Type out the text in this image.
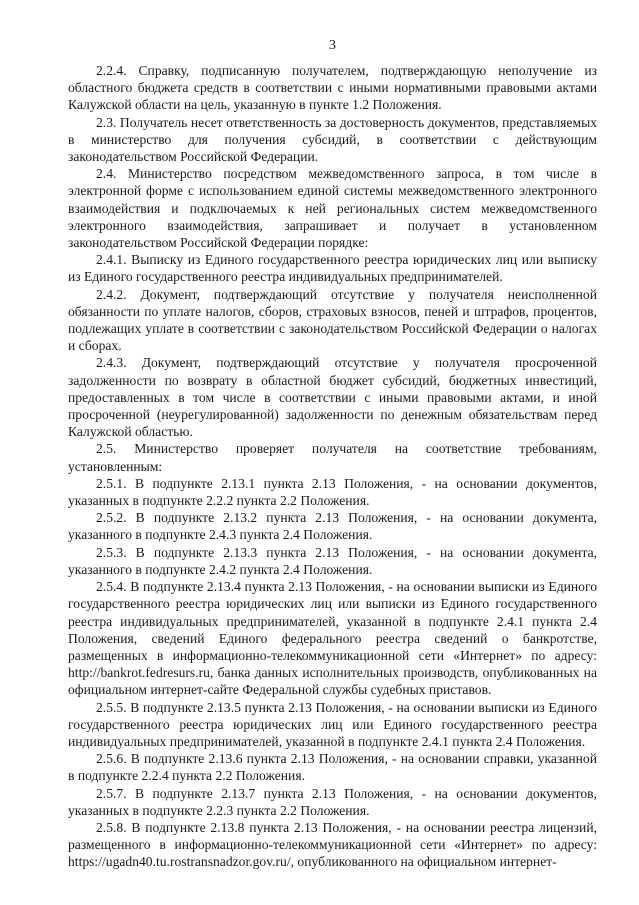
3

2.2.4. Справку, подписанную получателем, подтверждающую неполучение из областного бюджета средств в соответствии с иными нормативными правовыми актами Калужской области на цель, указанную в пункте 1.2 Положения.

2.3. Получатель несет ответственность за достоверность документов, представляемых в министерство для получения субсидий, в соответствии с действующим законодательством Российской Федерации.

2.4. Министерство посредством межведомственного запроса, в том числе в электронной форме с использованием единой системы межведомственного электронного взаимодействия и подключаемых к ней региональных систем межведомственного электронного взаимодействия, запрашивает и получает в установленном законодательством Российской Федерации порядке:

2.4.1. Выписку из Единого государственного реестра юридических лиц или выписку из Единого государственного реестра индивидуальных предпринимателей.

2.4.2. Документ, подтверждающий отсутствие у получателя неисполненной обязанности по уплате налогов, сборов, страховых взносов, пеней и штрафов, процентов, подлежащих уплате в соответствии с законодательством Российской Федерации о налогах и сборах.

2.4.3. Документ, подтверждающий отсутствие у получателя просроченной задолженности по возврату в областной бюджет субсидий, бюджетных инвестиций, предоставленных в том числе в соответствии с иными правовыми актами, и иной просроченной (неурегулированной) задолженности по денежным обязательствам перед Калужской областью.

2.5. Министерство проверяет получателя на соответствие требованиям, установленным:

2.5.1. В подпункте 2.13.1 пункта 2.13 Положения, - на основании документов, указанных в подпункте 2.2.2 пункта 2.2 Положения.

2.5.2. В подпункте 2.13.2 пункта 2.13 Положения, - на основании документа, указанного в подпункте 2.4.3 пункта 2.4 Положения.

2.5.3. В подпункте 2.13.3 пункта 2.13 Положения, - на основании документа, указанного в подпункте 2.4.2 пункта 2.4 Положения.

2.5.4. В подпункте 2.13.4 пункта 2.13 Положения, - на основании выписки из Единого государственного реестра юридических лиц или выписки из Единого государственного реестра индивидуальных предпринимателей, указанной в подпункте 2.4.1 пункта 2.4 Положения, сведений Единого федерального реестра сведений о банкротстве, размещенных в информационно-телекоммуникационной сети «Интернет» по адресу: http://bankrot.fedresurs.ru, банка данных исполнительных производств, опубликованных на официальном интернет-сайте Федеральной службы судебных приставов.

2.5.5. В подпункте 2.13.5 пункта 2.13 Положения, - на основании выписки из Единого государственного реестра юридических лиц или Единого государственного реестра индивидуальных предпринимателей, указанной в подпункте 2.4.1 пункта 2.4 Положения.

2.5.6. В подпункте 2.13.6 пункта 2.13 Положения, - на основании справки, указанной в подпункте 2.2.4 пункта 2.2 Положения.

2.5.7. В подпункте 2.13.7 пункта 2.13 Положения, - на основании документов, указанных в подпункте 2.2.3 пункта 2.2 Положения.

2.5.8. В подпункте 2.13.8 пункта 2.13 Положения, - на основании реестра лицензий, размещенного в информационно-телекоммуникационной сети «Интернет» по адресу: https://ugadn40.tu.rostransnadzor.gov.ru/, опубликованного на официальном интернет-
